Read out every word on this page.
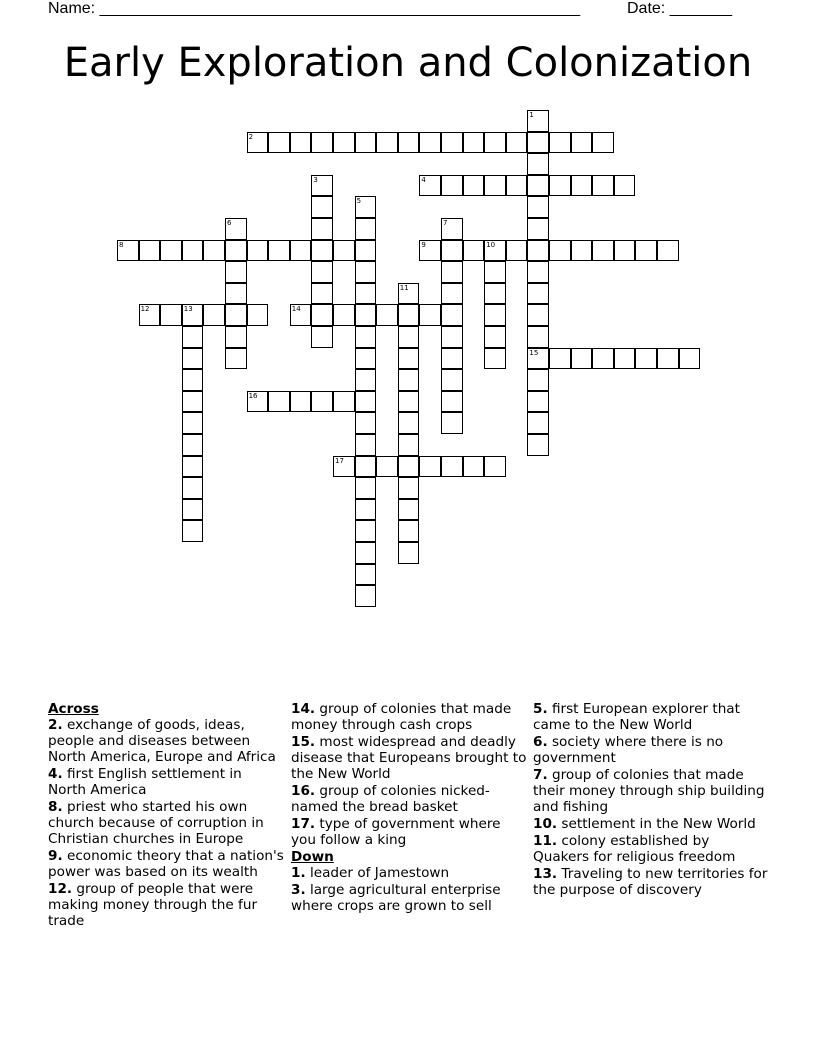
Name: ______________________________________________________	Date: _______
Early Exploration and Colonization
1
15
2
3	4
5
6	7
8	9	10
11
12	13	14
16
17
Across
2. exchange of goods, ideas, people and diseases between North America, Europe and Africa
4. first English settlement in North America
8. priest who started his own church because of corruption in Christian churches in Europe
9. economic theory that a nation's power was based on its wealth
12. group of people that were making money through the fur trade
14. group of colonies that made money through cash crops
15. most widespread and deadly disease that Europeans brought to the New World
16. group of colonies nicked-named the bread basket
17. type of government where you follow a king
Down
1. leader of Jamestown
3. large agricultural enterprise where crops are grown to sell
5. first European explorer that came to the New World
6. society where there is no government
7. group of colonies that made their money through ship building and fishing
10. settlement in the New World
11. colony established by Quakers for religious freedom
13. Traveling to new territories for the purpose of discovery
